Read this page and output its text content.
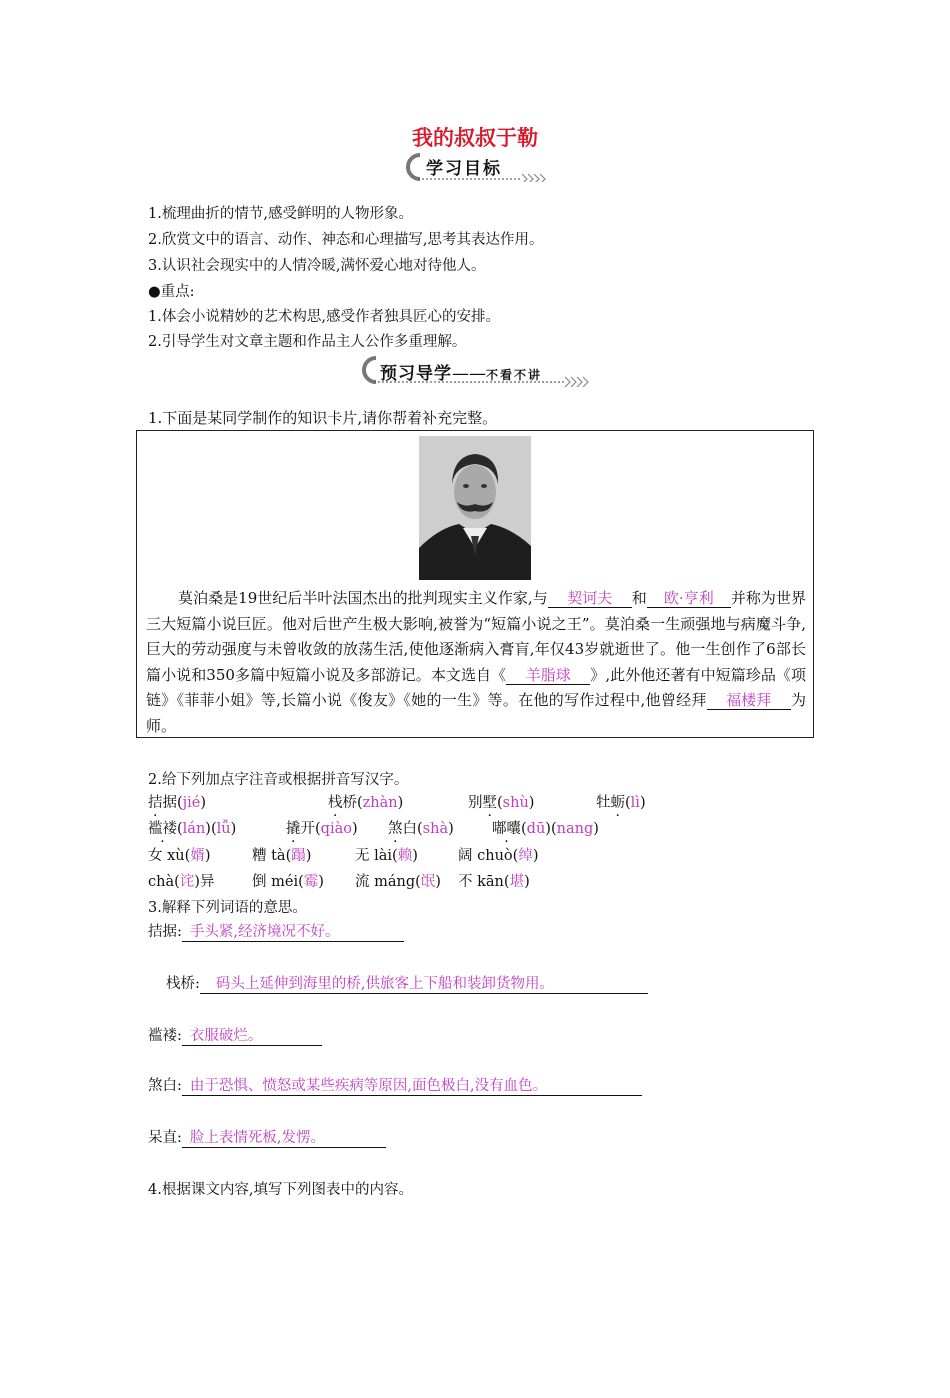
我的叔叔于勒
学习目标
1.梳理曲折的情节,感受鲜明的人物形象。
2.欣赏文中的语言、动作、神态和心理描写,思考其表达作用。
3.认识社会现实中的人情冷暖,满怀爱心地对待他人。
●重点:
1.体会小说精妙的艺术构思,感受作者独具匠心的安排。
2.引导学生对文章主题和作品主人公作多重理解。
预习导学——不看不讲
1.下面是某同学制作的知识卡片,请你帮着补充完整。
莫泊桑是19世纪后半叶法国杰出的批判现实主义作家,与 契诃夫 和 欧·亨利 并称为世界三大短篇小说巨匠。他对后世产生极大影响,被誉为“短篇小说之王”。莫泊桑一生顽强地与病魔斗争,巨大的劳动强度与未曾收敛的放荡生活,使他逐渐病入膏肓,年仅43岁就逝世了。他一生创作了6部长篇小说和350多篇中短篇小说及多部游记。本文选自《 羊脂球 》,此外他还著有中短篇珍品《项链》《菲菲小姐》等,长篇小说《俊友》《她的一生》等。在他的写作过程中,他曾经拜 福楼拜 为师。
2.给下列加点字注音或根据拼音写汉字。
拮据(jié)	栈桥(zhàn)	别墅(shù)	牡蛎(lì)
褴褛(lán)(lǚ)	撬开(qiào) 煞白(shà)	嘟囔(dū)(nang)
女 xù(婿)	糟 tà(蹋)	无 lài(赖)	阔 chuò(绰)
chà(诧)异	倒 méi(霉) 流 máng(氓) 不 kān(堪)
3.解释下列词语的意思。
拮据: 手头紧,经济境况不好。
栈桥: 码头上延伸到海里的桥,供旅客上下船和装卸货物用。
褴褛: 衣服破烂。
煞白: 由于恐惧、愤怒或某些疾病等原因,面色极白,没有血色。
呆直: 脸上表情死板,发愣。
4.根据课文内容,填写下列图表中的内容。
